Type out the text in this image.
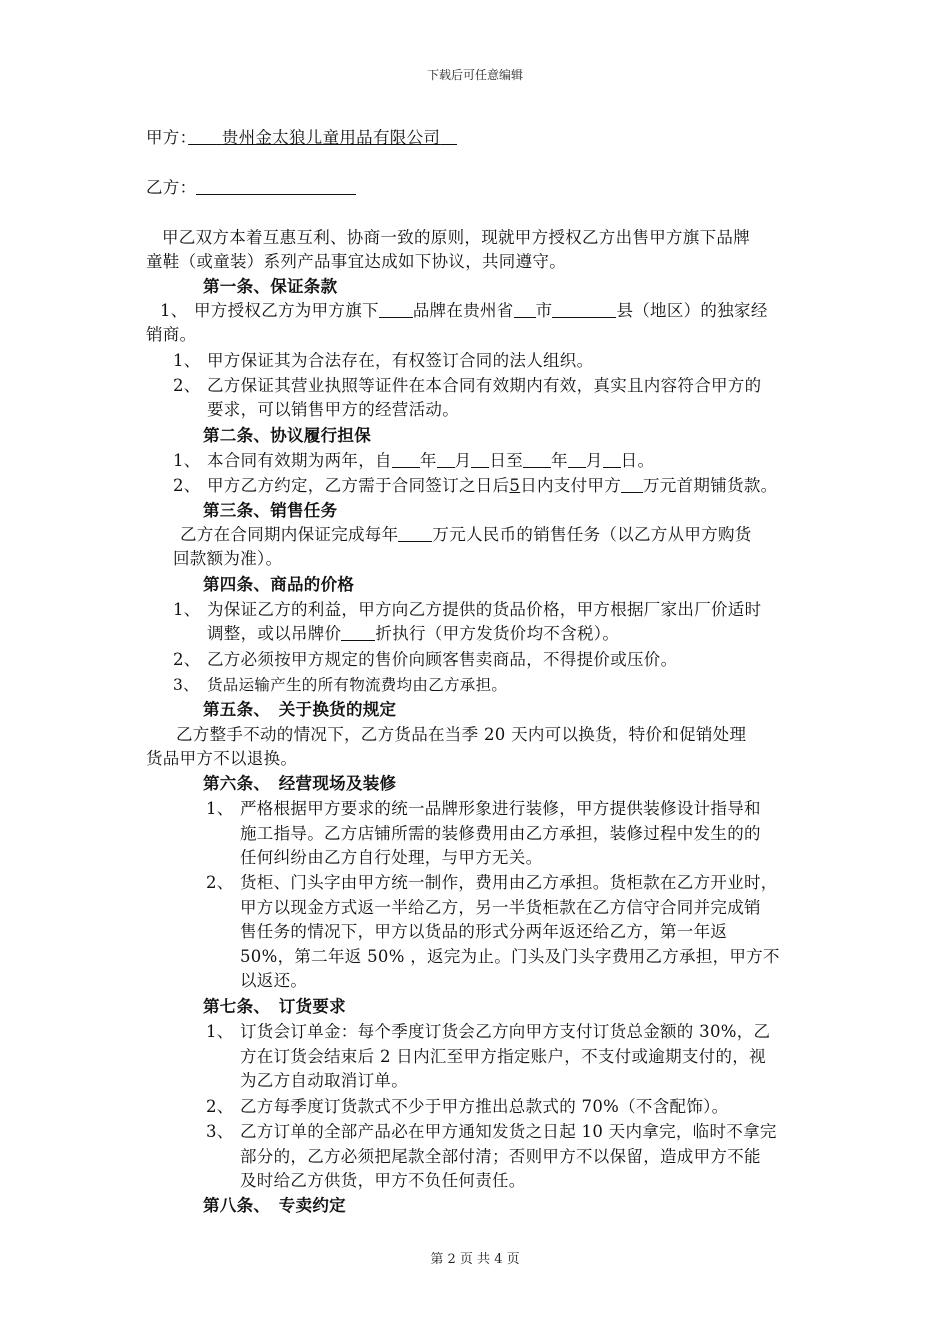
下载后可任意编辑
甲方：　　 贵州金太狼儿童用品有限公司　
乙方：
甲乙双方本着互惠互利、协商一致的原则，现就甲方授权乙方出售甲方旗下品牌
童鞋（或童装）系列产品事宜达成如下协议，共同遵守。
第一条、保证条款
1、 甲方授权乙方为甲方旗下 品牌在贵州省 市	县（地区）的独家经
销商。
1、 甲方保证其为合法存在，有权签订合同的法人组织。
2、 乙方保证其营业执照等证件在本合同有效期内有效，真实且内容符合甲方的
要求，可以销售甲方的经营活动。
第二条、协议履行担保
1、 本合同有效期为两年，自 年 月 日至 年 月 日。
2、 甲方乙方约定，乙方需于合同签订之日后5日内支付甲方 万元首期铺货款。
第三条、销售任务
乙方在合同期内保证完成每年 万元人民币的销售任务（以乙方从甲方购货
回款额为准）。
第四条、商品的价格
1、 为保证乙方的利益，甲方向乙方提供的货品价格，甲方根据厂家出厂价适时
调整，或以吊牌价 折执行（甲方发货价均不含税）。
2、 乙方必须按甲方规定的售价向顾客售卖商品，不得提价或压价。
3、 货品运输产生的所有物流费均由乙方承担。
第五条、　关于换货的规定
乙方整手不动的情况下，乙方货品在当季 20 天内可以换货，特价和促销处理
货品甲方不以退换。
第六条、　经营现场及装修
1、 严格根据甲方要求的统一品牌形象进行装修，甲方提供装修设计指导和
施工指导。乙方店铺所需的装修费用由乙方承担，装修过程中发生的的
任何纠纷由乙方自行处理，与甲方无关。
2、 货柜、门头字由甲方统一制作，费用由乙方承担。货柜款在乙方开业时，
甲方以现金方式返一半给乙方，另一半货柜款在乙方信守合同并完成销
售任务的情况下，甲方以货品的形式分两年返还给乙方，第一年返
50%，第二年返 50% ，返完为止。门头及门头字费用乙方承担，甲方不
以返还。
第七条、　订货要求
1、 订货会订单金：每个季度订货会乙方向甲方支付订货总金额的 30%，乙
方在订货会结束后 2 日内汇至甲方指定账户，不支付或逾期支付的，视
为乙方自动取消订单。
2、 乙方每季度订货款式不少于甲方推出总款式的 70%（不含配饰）。
3、 乙方订单的全部产品必在甲方通知发货之日起 10 天内拿完，临时不拿完
部分的，乙方必须把尾款全部付清；否则甲方不以保留，造成甲方不能
及时给乙方供货，甲方不负任何责任。
第八条、　专卖约定
第 2 页 共 4 页
